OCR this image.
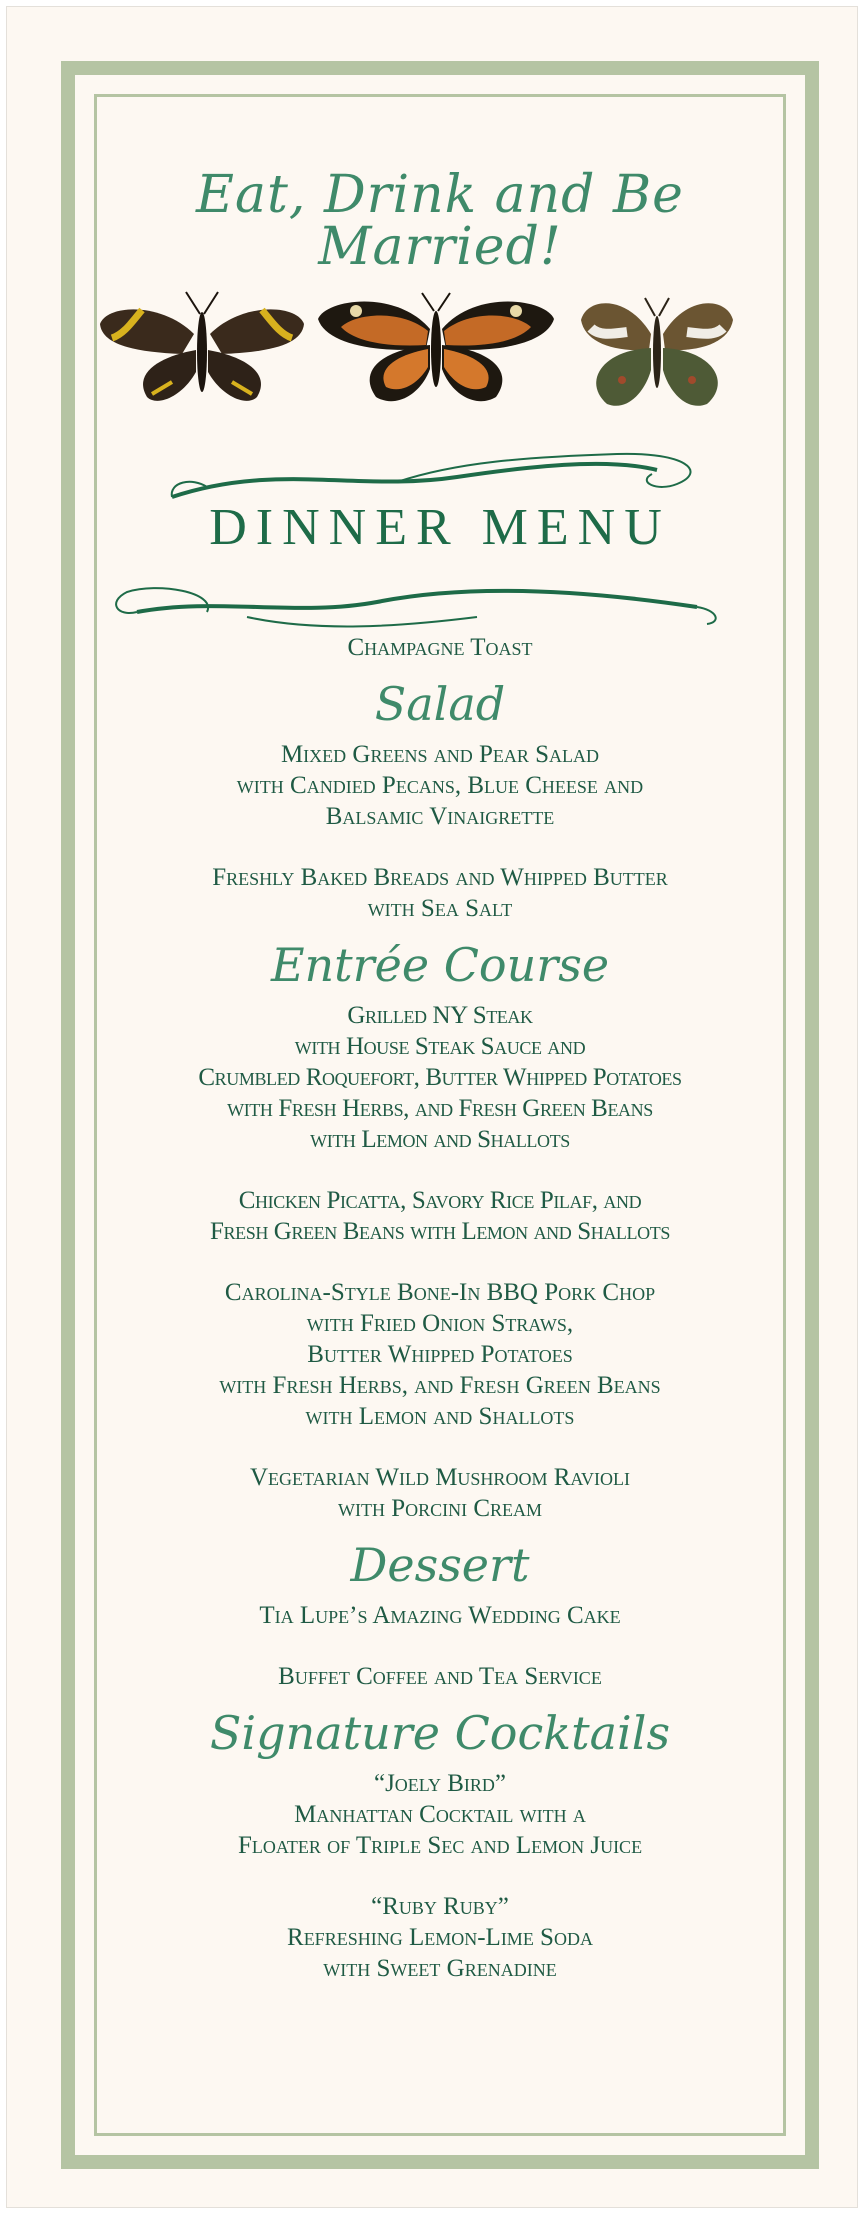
Eat, Drink and Be Married!
DINNER MENU

Champagne Toast

Salad

Mixed Greens and Pear Salad
with Candied Pecans, Blue Cheese and
Balsamic Vinaigrette

Freshly Baked Breads and Whipped Butter
with Sea Salt

Entrée Course

Grilled NY Steak
with House Steak Sauce and
Crumbled Roquefort, Butter Whipped Potatoes
with Fresh Herbs, and Fresh Green Beans
with Lemon and Shallots

Chicken Picatta, Savory Rice Pilaf, and
Fresh Green Beans with Lemon and Shallots

Carolina-Style Bone-In BBQ Pork Chop
with Fried Onion Straws,
Butter Whipped Potatoes
with Fresh Herbs, and Fresh Green Beans
with Lemon and Shallots

Vegetarian Wild Mushroom Ravioli
with Porcini Cream

Dessert

Tia Lupe’s Amazing Wedding Cake

Buffet Coffee and Tea Service

Signature Cocktails

“Joely Bird”
Manhattan Cocktail with a
Floater of Triple Sec and Lemon Juice

“Ruby Ruby”
Refreshing Lemon-Lime Soda
with Sweet Grenadine
